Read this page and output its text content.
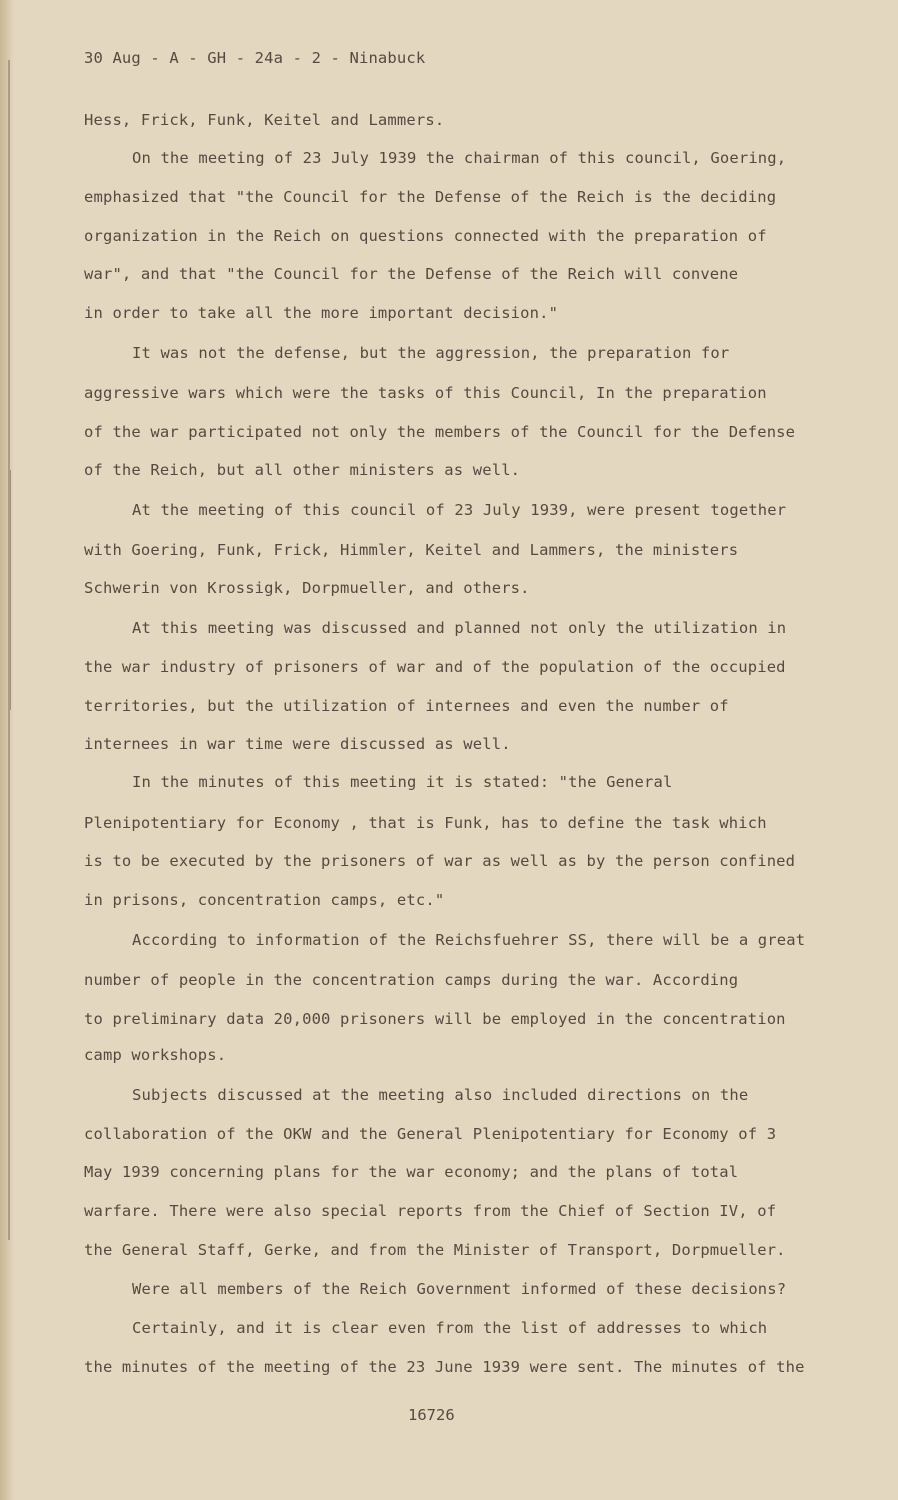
30 Aug - A - GH - 24a - 2 - Ninabuck

Hess, Frick, Funk, Keitel and Lammers.

On the meeting of 23 July 1939 the chairman of this council, Goering,

emphasized that "the Council for the Defense of the Reich is the deciding

organization in the Reich on questions connected with the preparation of

war", and that "the Council for the Defense of the Reich will convene

in order to take all the more important decision."

It was not the defense, but the aggression, the preparation for

aggressive wars which were the tasks of this Council, In the preparation

of the war participated not only the members of the Council for the Defense

of the Reich, but all other ministers as well.

At the meeting of this council of 23 July 1939, were present together

with Goering, Funk, Frick, Himmler, Keitel and Lammers, the ministers

Schwerin von Krossigk, Dorpmueller, and others.

At this meeting was discussed and planned not only the utilization in

the war industry of prisoners of war and of the population of the occupied

territories, but the utilization of internees and even the number of

internees in war time were discussed as well.

In the minutes of this meeting it is stated: "the General

Plenipotentiary for Economy , that is Funk, has to define the task which

is to be executed by the prisoners of war as well as by the person confined

in prisons, concentration camps, etc."

According to information of the Reichsfuehrer SS, there will be a great

number of people in the concentration camps during the war. According

to preliminary data 20,000 prisoners will be employed in the concentration

camp workshops.

Subjects discussed at the meeting also included directions on the

collaboration of the OKW and the General Plenipotentiary for Economy of 3

May 1939 concerning plans for the war economy; and the plans of total

warfare. There were also special reports from the Chief of Section IV, of

the General Staff, Gerke, and from the Minister of Transport, Dorpmueller.

Were all members of the Reich Government informed of these decisions?

Certainly, and it is clear even from the list of addresses to which

the minutes of the meeting of the 23 June 1939 were sent. The minutes of the

16726
